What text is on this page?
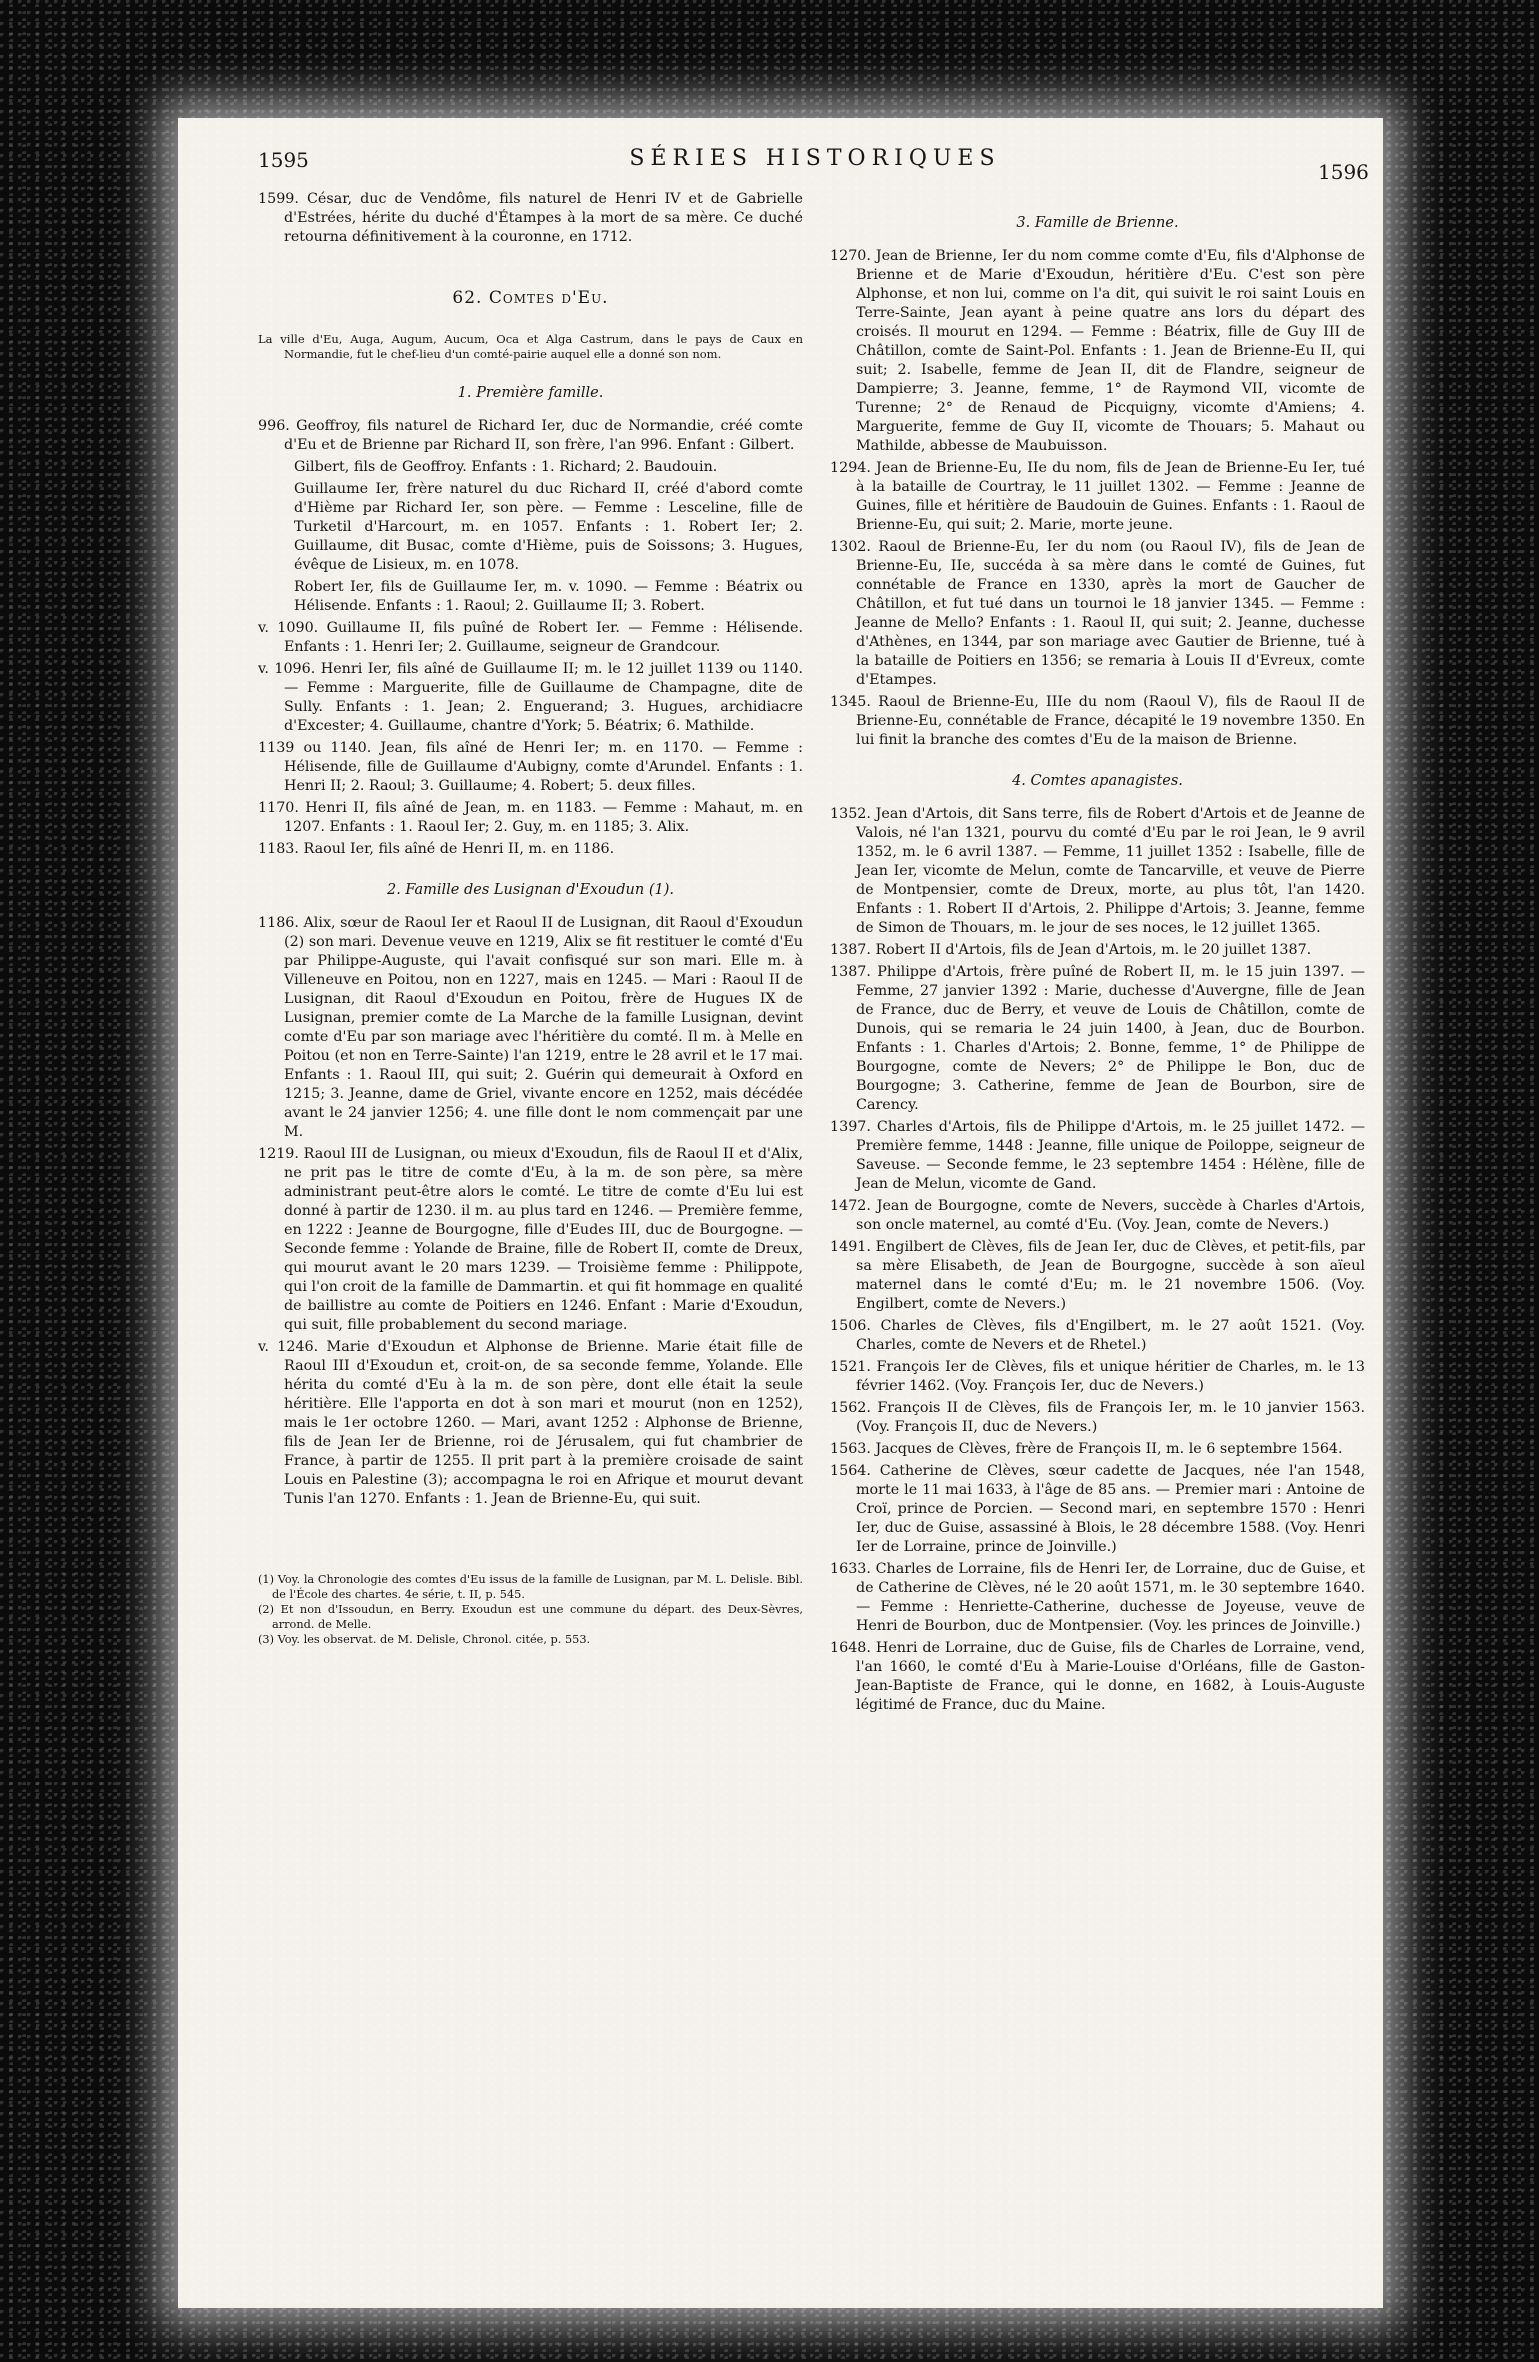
1595	SÉRIES HISTORIQUES
1596

1599. César, duc de Vendôme, fils naturel de Henri IV et de Gabrielle d'Estrées, hérite du duché d'Étampes à la mort de sa mère. Ce duché retourna définitivement à la couronne, en 1712.

62. Comtes d'Eu.

La ville d'Eu, Auga, Augum, Aucum, Oca et Alga Castrum, dans le pays de Caux en Normandie, fut le chef-lieu d'un comté-pairie auquel elle a donné son nom.

1. Première famille.

996. Geoffroy, fils naturel de Richard Ier, duc de Normandie, créé comte d'Eu et de Brienne par Richard II, son frère, l'an 996. Enfant : Gilbert.

Gilbert, fils de Geoffroy. Enfants : 1. Richard; 2. Baudouin.

Guillaume Ier, frère naturel du duc Richard II, créé d'abord comte d'Hième par Richard Ier, son père. — Femme : Lesceline, fille de Turketil d'Harcourt, m. en 1057. Enfants : 1. Robert Ier; 2. Guillaume, dit Busac, comte d'Hième, puis de Soissons; 3. Hugues, évêque de Lisieux, m. en 1078.

Robert Ier, fils de Guillaume Ier, m. v. 1090. — Femme : Béatrix ou Hélisende. Enfants : 1. Raoul; 2. Guillaume II; 3. Robert.

v. 1090. Guillaume II, fils puîné de Robert Ier. — Femme : Hélisende. Enfants : 1. Henri Ier; 2. Guillaume, seigneur de Grandcour.

v. 1096. Henri Ier, fils aîné de Guillaume II; m. le 12 juillet 1139 ou 1140. — Femme : Marguerite, fille de Guillaume de Champagne, dite de Sully. Enfants : 1. Jean; 2. Enguerand; 3. Hugues, archidiacre d'Excester; 4. Guillaume, chantre d'York; 5. Béatrix; 6. Mathilde.

1139 ou 1140. Jean, fils aîné de Henri Ier; m. en 1170. — Femme : Hélisende, fille de Guillaume d'Aubigny, comte d'Arundel. Enfants : 1. Henri II; 2. Raoul; 3. Guillaume; 4. Robert; 5. deux filles.

1170. Henri II, fils aîné de Jean, m. en 1183. — Femme : Mahaut, m. en 1207. Enfants : 1. Raoul Ier; 2. Guy, m. en 1185; 3. Alix.

1183. Raoul Ier, fils aîné de Henri II, m. en 1186.

2. Famille des Lusignan d'Exoudun (1).

1186. Alix, sœur de Raoul Ier et Raoul II de Lusignan, dit Raoul d'Exoudun (2) son mari. Devenue veuve en 1219, Alix se fit restituer le comté d'Eu par Philippe-Auguste, qui l'avait confisqué sur son mari. Elle m. à Villeneuve en Poitou, non en 1227, mais en 1245. — Mari : Raoul II de Lusignan, dit Raoul d'Exoudun en Poitou, frère de Hugues IX de Lusignan, premier comte de La Marche de la famille Lusignan, devint comte d'Eu par son mariage avec l'héritière du comté. Il m. à Melle en Poitou (et non en Terre-Sainte) l'an 1219, entre le 28 avril et le 17 mai. Enfants : 1. Raoul III, qui suit; 2. Guérin qui demeurait à Oxford en 1215; 3. Jeanne, dame de Griel, vivante encore en 1252, mais décédée avant le 24 janvier 1256; 4. une fille dont le nom commençait par une M.

1219. Raoul III de Lusignan, ou mieux d'Exoudun, fils de Raoul II et d'Alix, ne prit pas le titre de comte d'Eu, à la m. de son père, sa mère administrant peut-être alors le comté. Le titre de comte d'Eu lui est donné à partir de 1230. il m. au plus tard en 1246. — Première femme, en 1222 : Jeanne de Bourgogne, fille d'Eudes III, duc de Bourgogne. — Seconde femme : Yolande de Braine, fille de Robert II, comte de Dreux, qui mourut avant le 20 mars 1239. — Troisième femme : Philippote, qui l'on croit de la famille de Dammartin. et qui fit hommage en qualité de baillistre au comte de Poitiers en 1246. Enfant : Marie d'Exoudun, qui suit, fille probablement du second mariage.

v. 1246. Marie d'Exoudun et Alphonse de Brienne. Marie était fille de Raoul III d'Exoudun et, croit-on, de sa seconde femme, Yolande. Elle hérita du comté d'Eu à la m. de son père, dont elle était la seule héritière. Elle l'apporta en dot à son mari et mourut (non en 1252), mais le 1er octobre 1260. — Mari, avant 1252 : Alphonse de Brienne, fils de Jean Ier de Brienne, roi de Jérusalem, qui fut chambrier de France, à partir de 1255. Il prit part à la première croisade de saint Louis en Palestine (3); accompagna le roi en Afrique et mourut devant Tunis l'an 1270. Enfants : 1. Jean de Brienne-Eu, qui suit.

(1) Voy. la Chronologie des comtes d'Eu issus de la famille de Lusignan, par M. L. Delisle. Bibl. de l'École des chartes. 4e série, t. II, p. 545.
(2) Et non d'Issoudun, en Berry. Exoudun est une commune du départ. des Deux-Sèvres, arrond. de Melle.
(3) Voy. les observat. de M. Delisle, Chronol. citée, p. 553.
3. Famille de Brienne.

1270. Jean de Brienne, Ier du nom comme comte d'Eu, fils d'Alphonse de Brienne et de Marie d'Exoudun, héritière d'Eu. C'est son père Alphonse, et non lui, comme on l'a dit, qui suivit le roi saint Louis en Terre-Sainte, Jean ayant à peine quatre ans lors du départ des croisés. Il mourut en 1294. — Femme : Béatrix, fille de Guy III de Châtillon, comte de Saint-Pol. Enfants : 1. Jean de Brienne-Eu II, qui suit; 2. Isabelle, femme de Jean II, dit de Flandre, seigneur de Dampierre; 3. Jeanne, femme, 1° de Raymond VII, vicomte de Turenne; 2° de Renaud de Picquigny, vicomte d'Amiens; 4. Marguerite, femme de Guy II, vicomte de Thouars; 5. Mahaut ou Mathilde, abbesse de Maubuisson.

1294. Jean de Brienne-Eu, IIe du nom, fils de Jean de Brienne-Eu Ier, tué à la bataille de Courtray, le 11 juillet 1302. — Femme : Jeanne de Guines, fille et héritière de Baudouin de Guines. Enfants : 1. Raoul de Brienne-Eu, qui suit; 2. Marie, morte jeune.

1302. Raoul de Brienne-Eu, Ier du nom (ou Raoul IV), fils de Jean de Brienne-Eu, IIe, succéda à sa mère dans le comté de Guines, fut connétable de France en 1330, après la mort de Gaucher de Châtillon, et fut tué dans un tournoi le 18 janvier 1345. — Femme : Jeanne de Mello? Enfants : 1. Raoul II, qui suit; 2. Jeanne, duchesse d'Athènes, en 1344, par son mariage avec Gautier de Brienne, tué à la bataille de Poitiers en 1356; se remaria à Louis II d'Evreux, comte d'Etampes.

1345. Raoul de Brienne-Eu, IIIe du nom (Raoul V), fils de Raoul II de Brienne-Eu, connétable de France, décapité le 19 novembre 1350. En lui finit la branche des comtes d'Eu de la maison de Brienne.

4. Comtes apanagistes.

1352. Jean d'Artois, dit Sans terre, fils de Robert d'Artois et de Jeanne de Valois, né l'an 1321, pourvu du comté d'Eu par le roi Jean, le 9 avril 1352, m. le 6 avril 1387. — Femme, 11 juillet 1352 : Isabelle, fille de Jean Ier, vicomte de Melun, comte de Tancarville, et veuve de Pierre de Montpensier, comte de Dreux, morte, au plus tôt, l'an 1420. Enfants : 1. Robert II d'Artois, 2. Philippe d'Artois; 3. Jeanne, femme de Simon de Thouars, m. le jour de ses noces, le 12 juillet 1365.

1387. Robert II d'Artois, fils de Jean d'Artois, m. le 20 juillet 1387.

1387. Philippe d'Artois, frère puîné de Robert II, m. le 15 juin 1397. — Femme, 27 janvier 1392 : Marie, duchesse d'Auvergne, fille de Jean de France, duc de Berry, et veuve de Louis de Châtillon, comte de Dunois, qui se remaria le 24 juin 1400, à Jean, duc de Bourbon. Enfants : 1. Charles d'Artois; 2. Bonne, femme, 1° de Philippe de Bourgogne, comte de Nevers; 2° de Philippe le Bon, duc de Bourgogne; 3. Catherine, femme de Jean de Bourbon, sire de Carency.

1397. Charles d'Artois, fils de Philippe d'Artois, m. le 25 juillet 1472. — Première femme, 1448 : Jeanne, fille unique de Poiloppe, seigneur de Saveuse. — Seconde femme, le 23 septembre 1454 : Hélène, fille de Jean de Melun, vicomte de Gand.

1472. Jean de Bourgogne, comte de Nevers, succède à Charles d'Artois, son oncle maternel, au comté d'Eu. (Voy. Jean, comte de Nevers.)

1491. Engilbert de Clèves, fils de Jean Ier, duc de Clèves, et petit-fils, par sa mère Elisabeth, de Jean de Bourgogne, succède à son aïeul maternel dans le comté d'Eu; m. le 21 novembre 1506. (Voy. Engilbert, comte de Nevers.)

1506. Charles de Clèves, fils d'Engilbert, m. le 27 août 1521. (Voy. Charles, comte de Nevers et de Rhetel.)

1521. François Ier de Clèves, fils et unique héritier de Charles, m. le 13 février 1462. (Voy. François Ier, duc de Nevers.)

1562. François II de Clèves, fils de François Ier, m. le 10 janvier 1563. (Voy. François II, duc de Nevers.)

1563. Jacques de Clèves, frère de François II, m. le 6 septembre 1564.

1564. Catherine de Clèves, sœur cadette de Jacques, née l'an 1548, morte le 11 mai 1633, à l'âge de 85 ans. — Premier mari : Antoine de Croï, prince de Porcien. — Second mari, en septembre 1570 : Henri Ier, duc de Guise, assassiné à Blois, le 28 décembre 1588. (Voy. Henri Ier de Lorraine, prince de Joinville.)

1633. Charles de Lorraine, fils de Henri Ier, de Lorraine, duc de Guise, et de Catherine de Clèves, né le 20 août 1571, m. le 30 septembre 1640. — Femme : Henriette-Catherine, duchesse de Joyeuse, veuve de Henri de Bourbon, duc de Montpensier. (Voy. les princes de Joinville.)

1648. Henri de Lorraine, duc de Guise, fils de Charles de Lorraine, vend, l'an 1660, le comté d'Eu à Marie-Louise d'Orléans, fille de Gaston-Jean-Baptiste de France, qui le donne, en 1682, à Louis-Auguste légitimé de France, duc du Maine.
